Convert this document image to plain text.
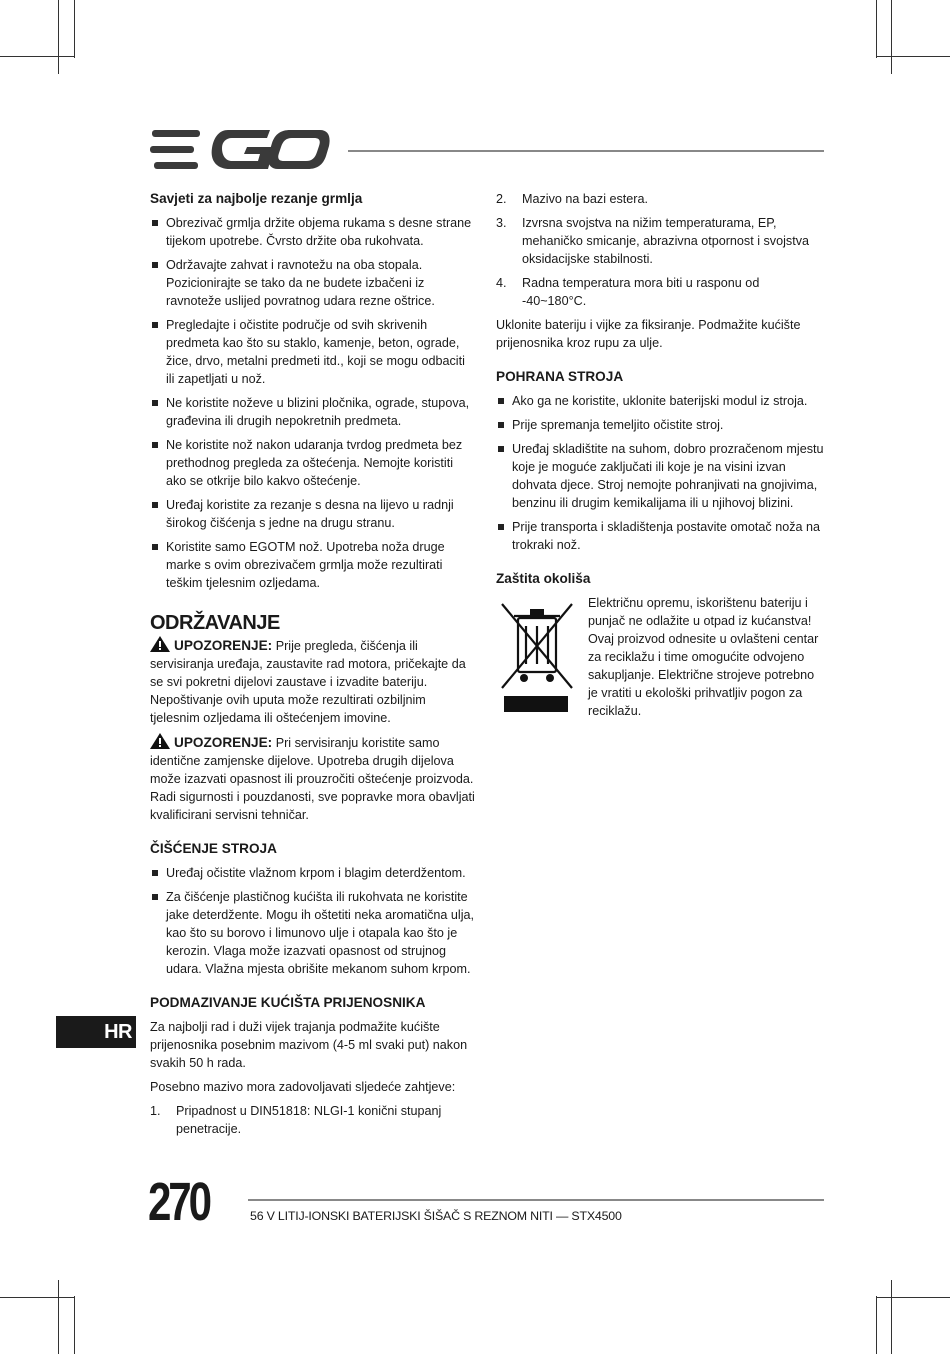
Savjeti za najbolje rezanje grmlja
Obrezivač grmlja držite objema rukama s desne strane tijekom upotrebe. Čvrsto držite oba rukohvata.
Održavajte zahvat i ravnotežu na oba stopala. Pozicionirajte se tako da ne budete izbačeni iz ravnoteže uslijed povratnog udara rezne oštrice.
Pregledajte i očistite područje od svih skrivenih predmeta kao što su staklo, kamenje, beton, ograde, žice, drvo, metalni predmeti itd., koji se mogu odbaciti ili zapetljati u nož.
Ne koristite noževe u blizini pločnika, ograde, stupova, građevina ili drugih nepokretnih predmeta.
Ne koristite nož nakon udaranja tvrdog predmeta bez prethodnog pregleda za oštećenja. Nemojte koristiti ako se otkrije bilo kakvo oštećenje.
Uređaj koristite za rezanje s desna na lijevo u radnji širokog čišćenja s jedne na drugu stranu.
Koristite samo EGOTM nož. Upotreba noža druge marke s ovim obrezivačem grmlja može rezultirati teškim tjelesnim ozljedama.
ODRŽAVANJE

UPOZORENJE: Prije pregleda, čišćenja ili servisiranja uređaja, zaustavite rad motora, pričekajte da se svi pokretni dijelovi zaustave i izvadite bateriju. Nepoštivanje ovih uputa može rezultirati ozbiljnim tjelesnim ozljedama ili oštećenjem imovine.

UPOZORENJE: Pri servisiranju koristite samo identične zamjenske dijelove. Upotreba drugih dijelova može izazvati opasnost ili prouzročiti oštećenje proizvoda. Radi sigurnosti i pouzdanosti, sve popravke mora obavljati kvalificirani servisni tehničar.

ČIŠĆENJE STROJA
Uređaj očistite vlažnom krpom i blagim deterdžentom.
Za čišćenje plastičnog kućišta ili rukohvata ne koristite jake deterdžente. Mogu ih oštetiti neka aromatična ulja, kao što su borovo i limunovo ulje i otapala kao što je kerozin. Vlaga može izazvati opasnost od strujnog udara. Vlažna mjesta obrišite mekanom suhom krpom.
PODMAZIVANJE KUĆIŠTA PRIJENOSNIKA

Za najbolji rad i duži vijek trajanja podmažite kućište prijenosnika posebnim mazivom (4-5 ml svaki put) nakon svakih 50 h rada.

Posebno mazivo mora zadovoljavati sljedeće zahtjeve:

1. Pripadnost u DIN51818: NLGI-1 konični stupanj penetracije.
2. Mazivo na bazi estera.
3. Izvrsna svojstva na nižim temperaturama, EP, mehaničko smicanje, abrazivna otpornost i svojstva oksidacijske stabilnosti.
4. Radna temperatura mora biti u rasponu od -40~180°C.

Uklonite bateriju i vijke za fiksiranje. Podmažite kućište prijenosnika kroz rupu za ulje.

POHRANA STROJA
Ako ga ne koristite, uklonite baterijski modul iz stroja.
Prije spremanja temeljito očistite stroj.
Uređaj skladištite na suhom, dobro prozračenom mjestu koje je moguće zaključati ili koje je na visini izvan dohvata djece. Stroj nemojte pohranjivati na gnojivima, benzinu ili drugim kemikalijama ili u njihovoj blizini.
Prije transporta i skladištenja postavite omotač noža na trokraki nož.
Zaštita okoliša
Električnu opremu, iskorištenu bateriju i punjač ne odlažite u otpad iz kućanstva! Ovaj proizvod odnesite u ovlašteni centar za reciklažu i time omogućite odvojeno sakupljanje. Električne strojeve potrebno je vratiti u ekološki prihvatljiv pogon za reciklažu.
HR
270	56 V LITIJ-IONSKI BATERIJSKI ŠIŠAČ S REZNOM NITI — STX4500
